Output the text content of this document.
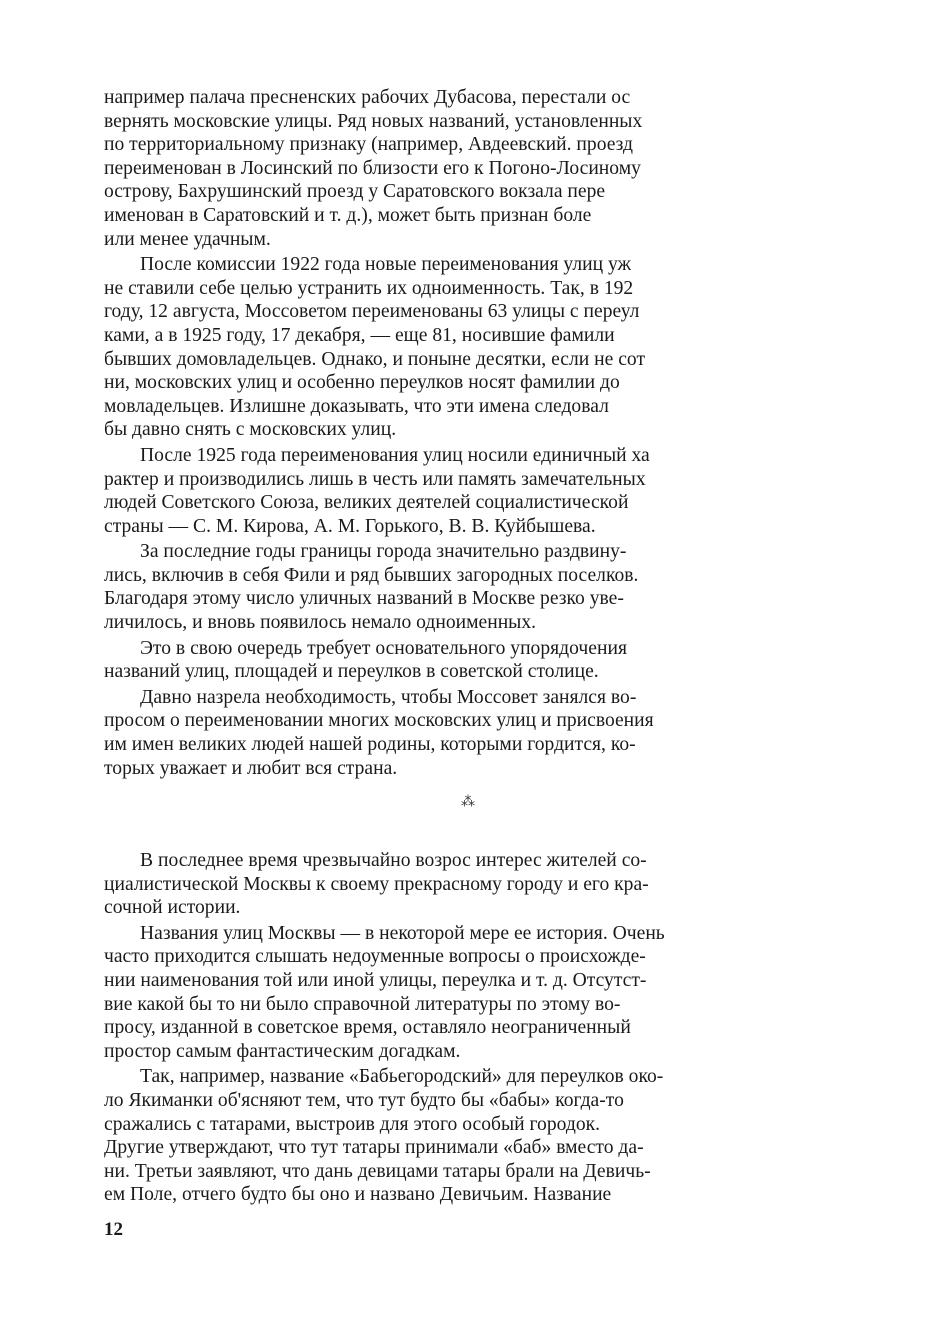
например палача пресненских рабочих Дубасова, перестали ос
вернять московские улицы. Ряд новых названий, установленных
по территориальному признаку (например, Авдеевский. проезд
переименован в Лосинский по близости его к Погоно-Лосиному
острову, Бахрушинский проезд у Саратовского вокзала пере
именован в Саратовский и т. д.), может быть признан боле
или менее удачным.

После комиссии 1922 года новые переименования улиц уж
не ставили себе целью устранить их одноименность. Так, в 192
году, 12 августа, Моссоветом переименованы 63 улицы с переул
ками, а в 1925 году, 17 декабря, — еще 81, носившие фамили
бывших домовладельцев. Однако, и поныне десятки, если не сот
ни, московских улиц и особенно переулков носят фамилии до
мовладельцев. Излишне доказывать, что эти имена следовал
бы давно снять с московских улиц.

После 1925 года переименования улиц носили единичный ха
рактер и производились лишь в честь или память замечательных
людей Советского Союза, великих деятелей социалистической
страны — С. М. Кирова, А. М. Горького, В. В. Куйбышева.

За последние годы границы города значительно раздвину-
лись, включив в себя Фили и ряд бывших загородных поселков.
Благодаря этому число уличных названий в Москве резко уве-
личилось, и вновь появилось немало одноименных.

Это в свою очередь требует основательного упорядочения
названий улиц, площадей и переулков в советской столице.

Давно назрела необходимость, чтобы Моссовет занялся во-
просом о переименовании многих московских улиц и присвоения
им имен великих людей нашей родины, которыми гордится, ко-
торых уважает и любит вся страна.

⁂

В последнее время чрезвычайно возрос интерес жителей со-
циалистической Москвы к своему прекрасному городу и его кра-
сочной истории.

Названия улиц Москвы — в некоторой мере ее история. Очень
часто приходится слышать недоуменные вопросы о происхожде-
нии наименования той или иной улицы, переулка и т. д. Отсутст-
вие какой бы то ни было справочной литературы по этому во-
просу, изданной в советское время, оставляло неограниченный
простор самым фантастическим догадкам.

Так, например, название «Бабьегородский» для переулков око-
ло Якиманки об'ясняют тем, что тут будто бы «бабы» когда-то
сражались с татарами, выстроив для этого особый городок.
Другие утверждают, что тут татары принимали «баб» вместо да-
ни. Третьи заявляют, что дань девицами татары брали на Девичь-
ем Поле, отчего будто бы оно и названо Девичьим. Название

12
